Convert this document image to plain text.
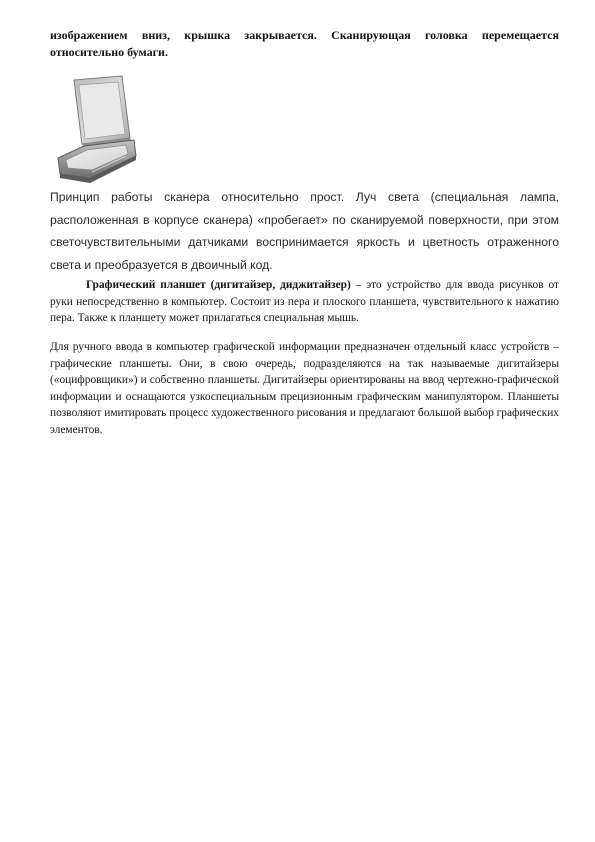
изображением вниз, крышка закрывается. Сканирующая головка перемещается относительно бумаги.

Принцип работы сканера относительно прост. Луч света (специальная лампа, расположенная в корпусе сканера) «пробегает» по сканируемой поверхности, при этом светочувствительными датчиками воспринимается яркость и цветность отраженного света и преобразуется в двоичный код.

Графический планшет (дигитайзер, диджитайзер) – это устройство для ввода рисунков от руки непосредственно в компьютер. Состоит из пера и плоского планшета, чувствительного к нажатию пера. Также к планшету может прилагаться специальная мышь.

Для ручного ввода в компьютер графической информации предназначен отдельный класс устройств – графические планшеты. Они, в свою очередь, подразделяются на так называемые дигитайзеры («оцифровщики») и собственно планшеты. Дигитайзеры ориентированы на ввод чертежно-графической информации и оснащаются узкоспециальным прецизионным графическим манипулятором. Планшеты позволяют имитировать процесс художественного рисования и предлагают большой выбор графических элементов.
